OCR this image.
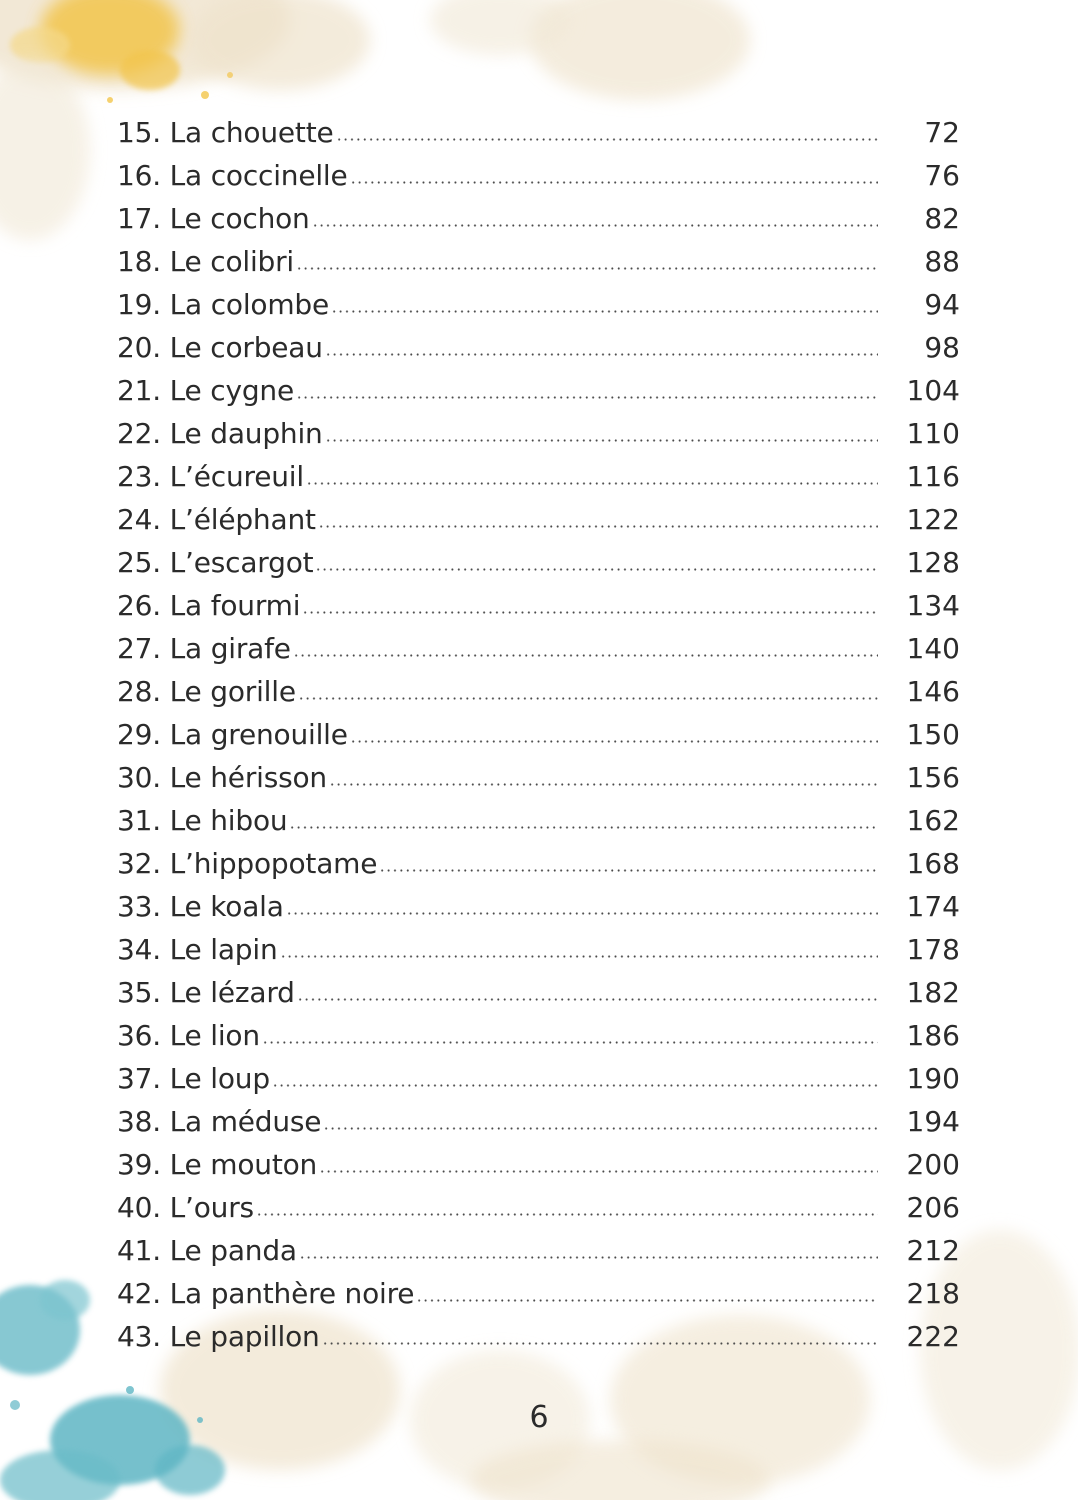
15. La chouette	72
16. La coccinelle	76
17. Le cochon	82
18. Le colibri	88
19. La colombe	94
20. Le corbeau	98
21. Le cygne	104
22. Le dauphin	110
23. L’écureuil	116
24. L’éléphant	122
25. L’escargot	128
26. La fourmi	134
27. La girafe	140
28. Le gorille	146
29. La grenouille	150
30. Le hérisson	156
31. Le hibou	162
32. L’hippopotame	168
33. Le koala	174
34. Le lapin	178
35. Le lézard	182
36. Le lion	186
37. Le loup	190
38. La méduse	194
39. Le mouton	200
40. L’ours	206
41. Le panda	212
42. La panthère noire	218
43. Le papillon	222
6
